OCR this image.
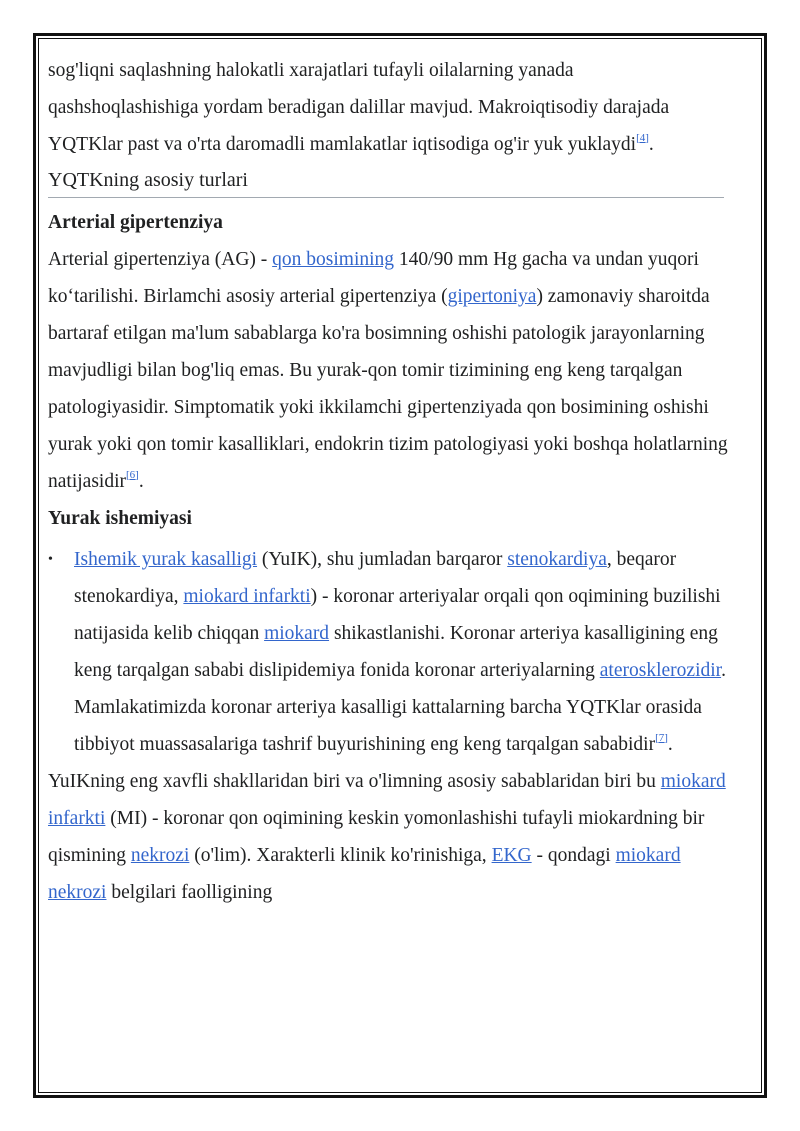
sog'liqni saqlashning halokatli xarajatlari tufayli oilalarning yanada qashshoqlashishiga yordam beradigan dalillar mavjud. Makroiqtisodiy darajada YQTKlar past va o'rta daromadli mamlakatlar iqtisodiga og'ir yuk yuklaydi[4].

YQTKning asosiy turlari
Arterial gipertenziya

Arterial gipertenziya (AG) - qon bosimining 140/90 mm Hg gacha va undan yuqori ko‘tarilishi. Birlamchi asosiy arterial gipertenziya (gipertoniya) zamonaviy sharoitda bartaraf etilgan ma'lum sabablarga ko'ra bosimning oshishi patologik jarayonlarning mavjudligi bilan bog'liq emas. Bu yurak-qon tomir tizimining eng keng tarqalgan patologiyasidir. Simptomatik yoki ikkilamchi gipertenziyada qon bosimining oshishi yurak yoki qon tomir kasalliklari, endokrin tizim patologiyasi yoki boshqa holatlarning natijasidir[6].

Yurak ishemiyasi
•	Ishemik yurak kasalligi (YuIK), shu jumladan barqaror stenokardiya, beqaror stenokardiya, miokard infarkti) - koronar arteriyalar orqali qon oqimining buzilishi natijasida kelib chiqqan miokard shikastlanishi. Koronar arteriya kasalligining eng keng tarqalgan sababi dislipidemiya fonida koronar arteriyalarning aterosklerozidir. Mamlakatimizda koronar arteriya kasalligi kattalarning barcha YQTKlar orasida tibbiyot muassasalariga tashrif buyurishining eng keng tarqalgan sababidir[7].

YuIKning eng xavfli shakllaridan biri va o'limning asosiy sabablaridan biri bu miokard infarkti (MI) - koronar qon oqimining keskin yomonlashishi tufayli miokardning bir qismining nekrozi (o'lim). Xarakterli klinik ko'rinishiga, EKG - qondagi miokard nekrozi belgilari faolligining
